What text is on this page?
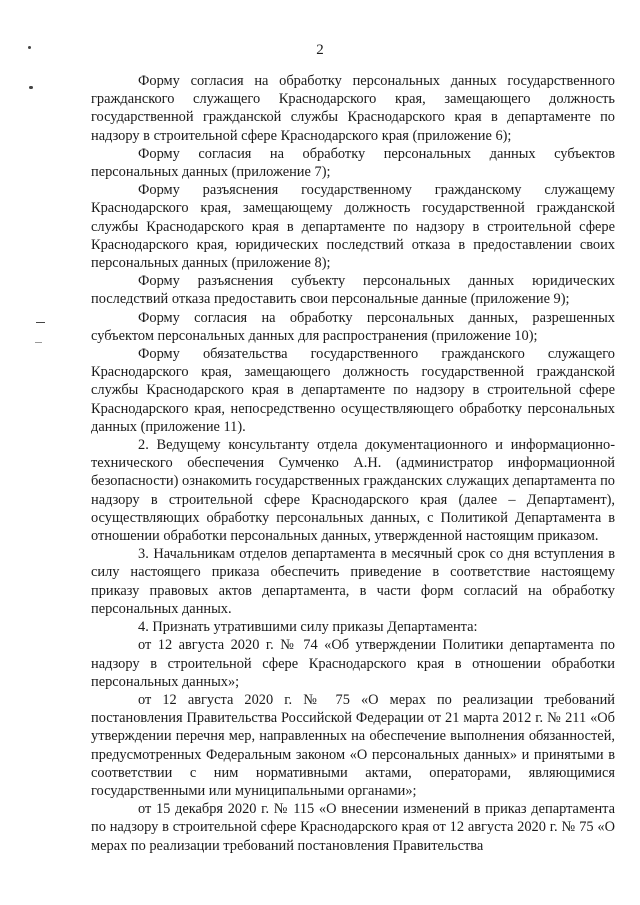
2

Форму согласия на обработку персональных данных государственного гражданского служащего Краснодарского края, замещающего должность государственной гражданской службы Краснодарского края в департаменте по надзору в строительной сфере Краснодарского края (приложение 6);

Форму согласия на обработку персональных данных субъектов персональных данных (приложение 7);

Форму разъяснения государственному гражданскому служащему Краснодарского края, замещающему должность государственной гражданской службы Краснодарского края в департаменте по надзору в строительной сфере Краснодарского края, юридических последствий отказа в предоставлении своих персональных данных (приложение 8);

Форму разъяснения субъекту персональных данных юридических последствий отказа предоставить свои персональные данные (приложение 9);

Форму согласия на обработку персональных данных, разрешенных субъектом персональных данных для распространения (приложение 10);

Форму обязательства государственного гражданского служащего Краснодарского края, замещающего должность государственной гражданской службы Краснодарского края в департаменте по надзору в строительной сфере Краснодарского края, непосредственно осуществляющего обработку персональных данных (приложение 11).

2. Ведущему консультанту отдела документационного и информационно-технического обеспечения Сумченко А.Н. (администратор информационной безопасности) ознакомить государственных гражданских служащих департамента по надзору в строительной сфере Краснодарского края (далее – Департамент), осуществляющих обработку персональных данных, с Политикой Департамента в отношении обработки персональных данных, утвержденной настоящим приказом.

3. Начальникам отделов департамента в месячный срок со дня вступления в силу настоящего приказа обеспечить приведение в соответствие настоящему приказу правовых актов департамента, в части форм согласий на обработку персональных данных.

4. Признать утратившими силу приказы Департамента:

от 12 августа 2020 г. № 74 «Об утверждении Политики департамента по надзору в строительной сфере Краснодарского края в отношении обработки персональных данных»;

от 12 августа 2020 г. № 75 «О мерах по реализации требований постановления Правительства Российской Федерации от 21 марта 2012 г. № 211 «Об утверждении перечня мер, направленных на обеспечение выполнения обязанностей, предусмотренных Федеральным законом «О персональных данных» и принятыми в соответствии с ним нормативными актами, операторами, являющимися государственными или муниципальными органами»;

от 15 декабря 2020 г. № 115 «О внесении изменений в приказ департамента по надзору в строительной сфере Краснодарского края от 12 августа 2020 г. № 75 «О мерах по реализации требований постановления Правительства
